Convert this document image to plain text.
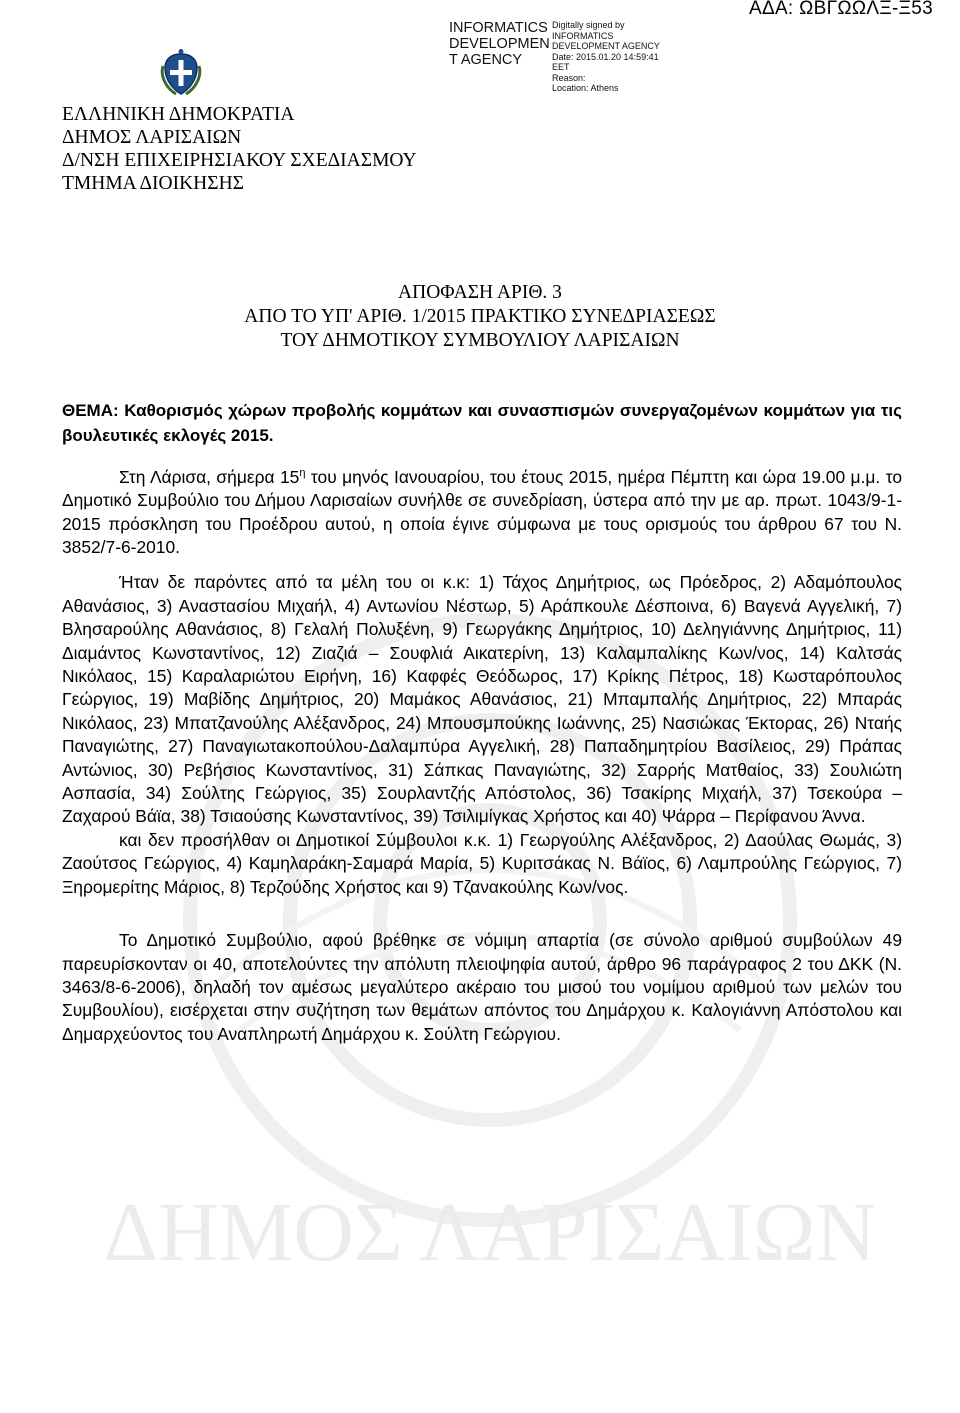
ΔΗΜΟΣ ΛΑΡΙΣΑΙΩΝ
ΑΔΑ: ΩΒΓΩΩΛΞ-Ξ53
INFORMATICS DEVELOPMEN T AGENCY
Digitally signed by
INFORMATICS
DEVELOPMENT AGENCY
Date: 2015.01.20 14:59:41
EET
Reason:
Location: Athens
ΕΛΛΗΝΙΚΗ ΔΗΜΟΚΡΑΤΙΑ
ΔΗΜΟΣ ΛΑΡΙΣΑΙΩΝ
Δ/ΝΣΗ ΕΠΙΧΕΙΡΗΣΙΑΚΟΥ ΣΧΕΔΙΑΣΜΟΥ
ΤΜΗΜΑ ΔΙΟΙΚΗΣΗΣ
ΑΠΟΦΑΣΗ ΑΡΙΘ. 3
ΑΠΟ ΤΟ ΥΠ' ΑΡΙΘ. 1/2015 ΠΡΑΚΤΙΚΟ ΣΥΝΕΔΡΙΑΣΕΩΣ
ΤΟΥ ΔΗΜΟΤΙΚΟΥ ΣΥΜΒΟΥΛΙΟΥ ΛΑΡΙΣΑΙΩΝ
ΘΕΜΑ: Καθορισμός χώρων προβολής κομμάτων και συνασπισμών συνεργαζομένων κομμάτων για τις βουλευτικές εκλογές 2015.

Στη Λάρισα, σήμερα $15^\eta$ του μηνός Ιανουαρίου, του έτους 2015, ημέρα Πέμπτη και ώρα 19.00 μ.μ. το Δημοτικό Συμβούλιο του Δήμου Λαρισαίων συνήλθε σε συνεδρίαση, ύστερα από την με αρ. πρωτ. 1043/9-1-2015 πρόσκληση του Προέδρου αυτού, η οποία έγινε σύμφωνα με τους ορισμούς του άρθρου 67 του Ν. 3852/7-6-2010.

Ήταν δε παρόντες από τα μέλη του οι κ.κ: 1) Τάχος Δημήτριος, ως Πρόεδρος, 2) Αδαμόπουλος Αθανάσιος, 3) Αναστασίου Μιχαήλ, 4) Αντωνίου Νέστωρ, 5) Αράπκουλε Δέσποινα, 6) Βαγενά Αγγελική, 7) Βλησαρούλης Αθανάσιος, 8) Γελαλή Πολυξένη, 9) Γεωργάκης Δημήτριος, 10) Δεληγιάννης Δημήτριος, 11) Διαμάντος Κωνσταντίνος, 12) Ζιαζιά – Σουφλιά Αικατερίνη, 13) Καλαμπαλίκης Κων/νος, 14) Καλτσάς Νικόλαος, 15) Καραλαριώτου Ειρήνη, 16) Καφφές Θεόδωρος, 17) Κρίκης Πέτρος, 18) Κωσταρόπουλος Γεώργιος, 19) Μαβίδης Δημήτριος, 20) Μαμάκος Αθανάσιος, 21) Μπαμπαλής Δημήτριος, 22) Μπαράς Νικόλαος, 23) Μπατζανούλης Αλέξανδρος, 24) Μπουσμπούκης Ιωάννης, 25) Νασιώκας Έκτορας, 26) Νταής Παναγιώτης, 27) Παναγιωτακοπούλου-Δαλαμπύρα Αγγελική, 28) Παπαδημητρίου Βασίλειος, 29) Πράπας Αντώνιος, 30) Ρεβήσιος Κωνσταντίνος, 31) Σάπκας Παναγιώτης, 32) Σαρρής Ματθαίος, 33) Σουλιώτη Ασπασία, 34) Σούλτης Γεώργιος, 35) Σουρλαντζής Απόστολος, 36) Τσακίρης Μιχαήλ, 37) Τσεκούρα – Ζαχαρού Βάϊα, 38) Τσιαούσης Κωνσταντίνος, 39) Τσιλιμίγκας Χρήστος και 40) Ψάρρα – Περίφανου Άννα.

και δεν προσήλθαν οι Δημοτικοί Σύμβουλοι κ.κ. 1) Γεωργούλης Αλέξανδρος, 2) Δαούλας Θωμάς, 3) Ζαούτσος Γεώργιος, 4) Καμηλαράκη-Σαμαρά Μαρία, 5) Κυριτσάκας Ν. Βάϊος, 6) Λαμπρούλης Γεώργιος, 7) Ξηρομερίτης Μάριος, 8) Τερζούδης Χρήστος και 9) Τζανακούλης Κων/νος.

Το Δημοτικό Συμβούλιο, αφού βρέθηκε σε νόμιμη απαρτία (σε σύνολο αριθμού συμβούλων 49 παρευρίσκονταν οι 40, αποτελούντες την απόλυτη πλειοψηφία αυτού, άρθρο 96 παράγραφος 2 του ΔΚΚ (Ν. 3463/8-6-2006), δηλαδή τον αμέσως μεγαλύτερο ακέραιο του μισού του νομίμου αριθμού των μελών του Συμβουλίου), εισέρχεται στην συζήτηση των θεμάτων απόντος του Δημάρχου κ. Καλογιάννη Απόστολου και Δημαρχεύοντος του Αναπληρωτή Δημάρχου κ. Σούλτη Γεώργιου.
